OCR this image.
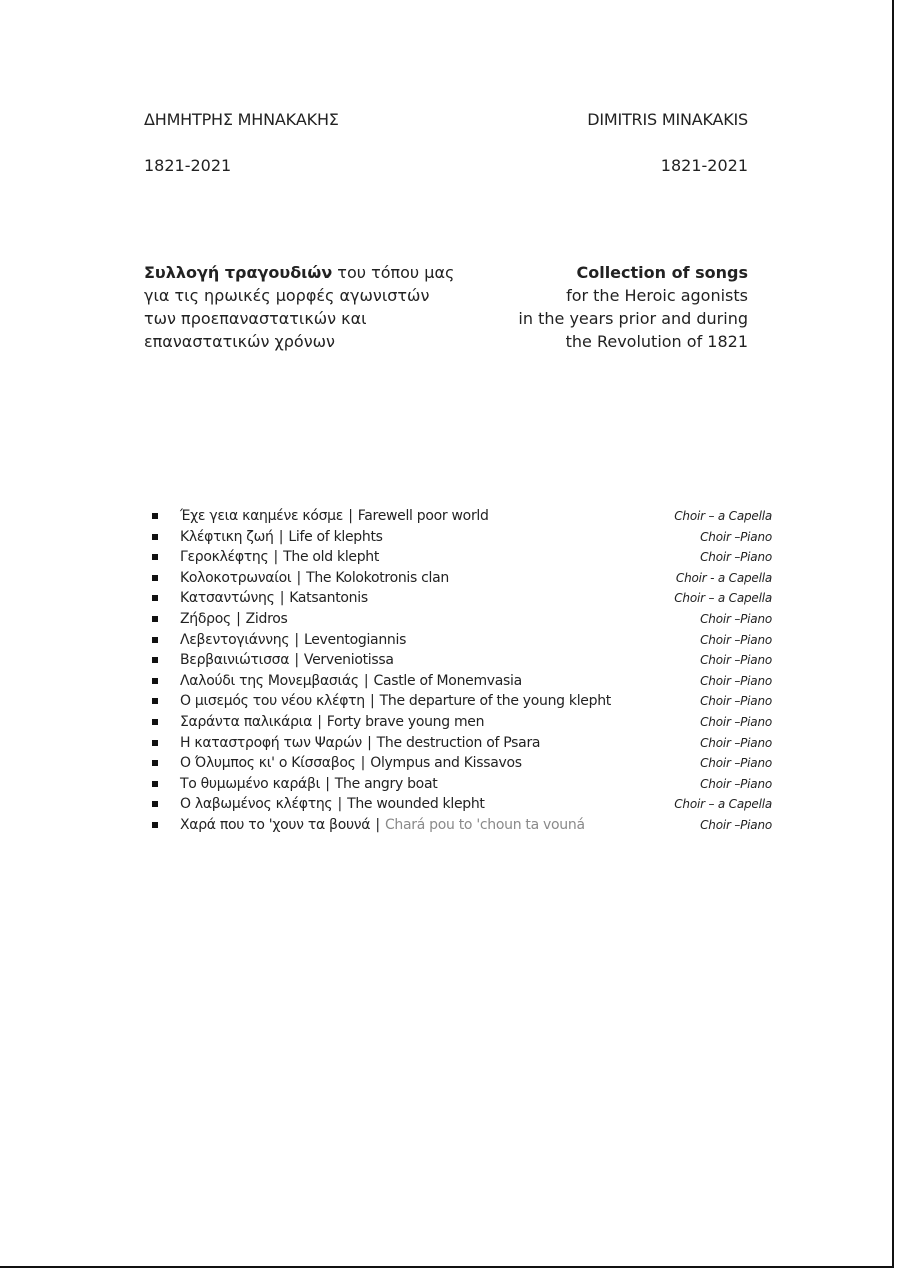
ΔΗΜΗΤΡΗΣ ΜΗΝΑΚΑΚΗΣ	DIMITRIS MINAKAKIS
1821-2021	1821-2021
Συλλογή τραγουδιών του τόπου μας
για τις ηρωικές μορφές αγωνιστών
των προεπαναστατικών και
επαναστατικών χρόνων
Collection of songs
for the Heroic agonists
in the years prior and during
the Revolution of 1821
Έχε γεια καημένε κόσμε | Farewell poor world	Choir – a Capella
Κλέφτικη ζωή | Life of klephts	Choir –Piano
Γεροκλέφτης | The old klepht	Choir –Piano
Κολοκοτρωναίοι | The Kolokotronis clan	Choir - a Capella
Κατσαντώνης | Katsantonis	Choir – a Capella
Ζήδρος | Zidros	Choir –Piano
Λεβεντογιάννης | Leventogiannis	Choir –Piano
Βερβαινιώτισσα | Verveniotissa	Choir –Piano
Λαλούδι της Μονεμβασιάς | Castle of Monemvasia	Choir –Piano
Ο μισεμός του νέου κλέφτη | The departure of the young klepht	Choir –Piano
Σαράντα παλικάρια | Forty brave young men	Choir –Piano
Η καταστροφή των Ψαρών | The destruction of Psara	Choir –Piano
Ο Όλυμπος κι' ο Κίσσαβος | Olympus and Kissavos	Choir –Piano
Το θυμωμένο καράβι | The angry boat	Choir –Piano
Ο λαβωμένος κλέφτης | The wounded klepht	Choir – a Capella
Χαρά που το 'χουν τα βουνά | Chará pou to 'choun ta vouná	Choir –Piano
